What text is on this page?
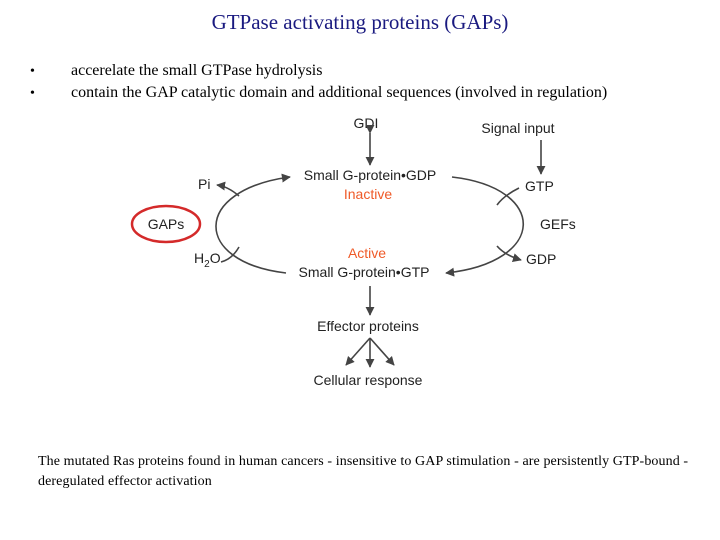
GTPase activating proteins (GAPs)
• accerelate the small GTPase hydrolysis
• contain the GAP catalytic domain and additional sequences (involved in regulation)
GDI	Signal input
Small G-protein•GDP
Inactive
Pi	GTP
GAPs	GEFs
$H_2O$	GDP
Active
Small G-protein•GTP
Effector proteins
Cellular response
The mutated Ras proteins found in human cancers - insensitive to GAP stimulation - are persistently GTP-bound - deregulated effector activation
